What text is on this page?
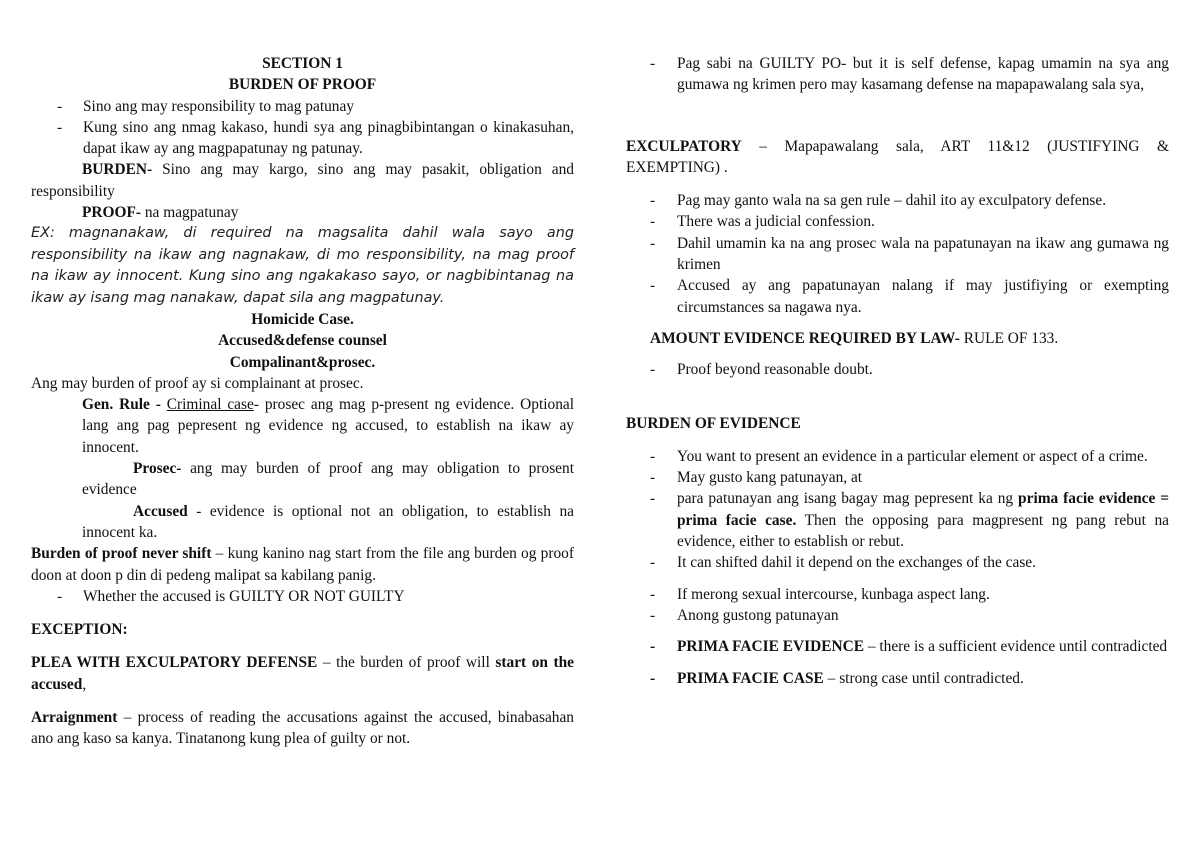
SECTION 1

BURDEN OF PROOF

- Sino ang may responsibility to mag patunay

- Kung sino ang nmag kakaso, hundi sya ang pinagbibintangan o kinakasuhan, dapat ikaw ay ang magpapatunay ng patunay.

BURDEN- Sino ang may kargo, sino ang may pasakit, obligation and responsibility

PROOF- na magpatunay

EX: magnanakaw, di required na magsalita dahil wala sayo ang responsibility na ikaw ang nagnakaw, di mo responsibility, na mag proof na ikaw ay innocent. Kung sino ang ngakakaso sayo, or nagbibintanag na ikaw ay isang mag nanakaw, dapat sila ang magpatunay.

Homicide Case.

Accused&defense counsel

Compalinant&prosec.

Ang may burden of proof ay si complainant at prosec.

Gen. Rule - Criminal case- prosec ang mag p-present ng evidence. Optional lang ang pag pepresent ng evidence ng accused, to establish na ikaw ay innocent.

Prosec- ang may burden of proof ang may obligation to prosent evidence

Accused - evidence is optional not an obligation, to establish na innocent ka.

Burden of proof never shift – kung kanino nag start from the file ang burden og proof doon at doon p din di pedeng malipat sa kabilang panig.

- Whether the accused is GUILTY OR NOT GUILTY

EXCEPTION:

PLEA WITH EXCULPATORY DEFENSE – the burden of proof will start on the accused,

Arraignment – process of reading the accusations against the accused, binabasahan ano ang kaso sa kanya. Tinatanong kung plea of guilty or not.

- Pag sabi na GUILTY PO- but it is self defense, kapag umamin na sya ang gumawa ng krimen pero may kasamang defense na mapapawalang sala sya,

EXCULPATORY – Mapapawalang sala, ART 11&12 (JUSTIFYING & EXEMPTING) .

- Pag may ganto wala na sa gen rule – dahil ito ay exculpatory defense.

- There was a judicial confession.

- Dahil umamin ka na ang prosec wala na papatunayan na ikaw ang gumawa ng krimen

- Accused ay ang papatunayan nalang if may justifiying or exempting circumstances sa nagawa nya.

AMOUNT EVIDENCE REQUIRED BY LAW- RULE OF 133.

- Proof beyond reasonable doubt.

BURDEN OF EVIDENCE

- You want to present an evidence in a particular element or aspect of a crime.

- May gusto kang patunayan, at

- para patunayan ang isang bagay mag pepresent ka ng prima facie evidence = prima facie case. Then the opposing para magpresent ng pang rebut na evidence, either to establish or rebut.

- It can shifted dahil it depend on the exchanges of the case.

- If merong sexual intercourse, kunbaga aspect lang.

- Anong gustong patunayan

- PRIMA FACIE EVIDENCE – there is a sufficient evidence until contradicted

- PRIMA FACIE CASE – strong case until contradicted.
